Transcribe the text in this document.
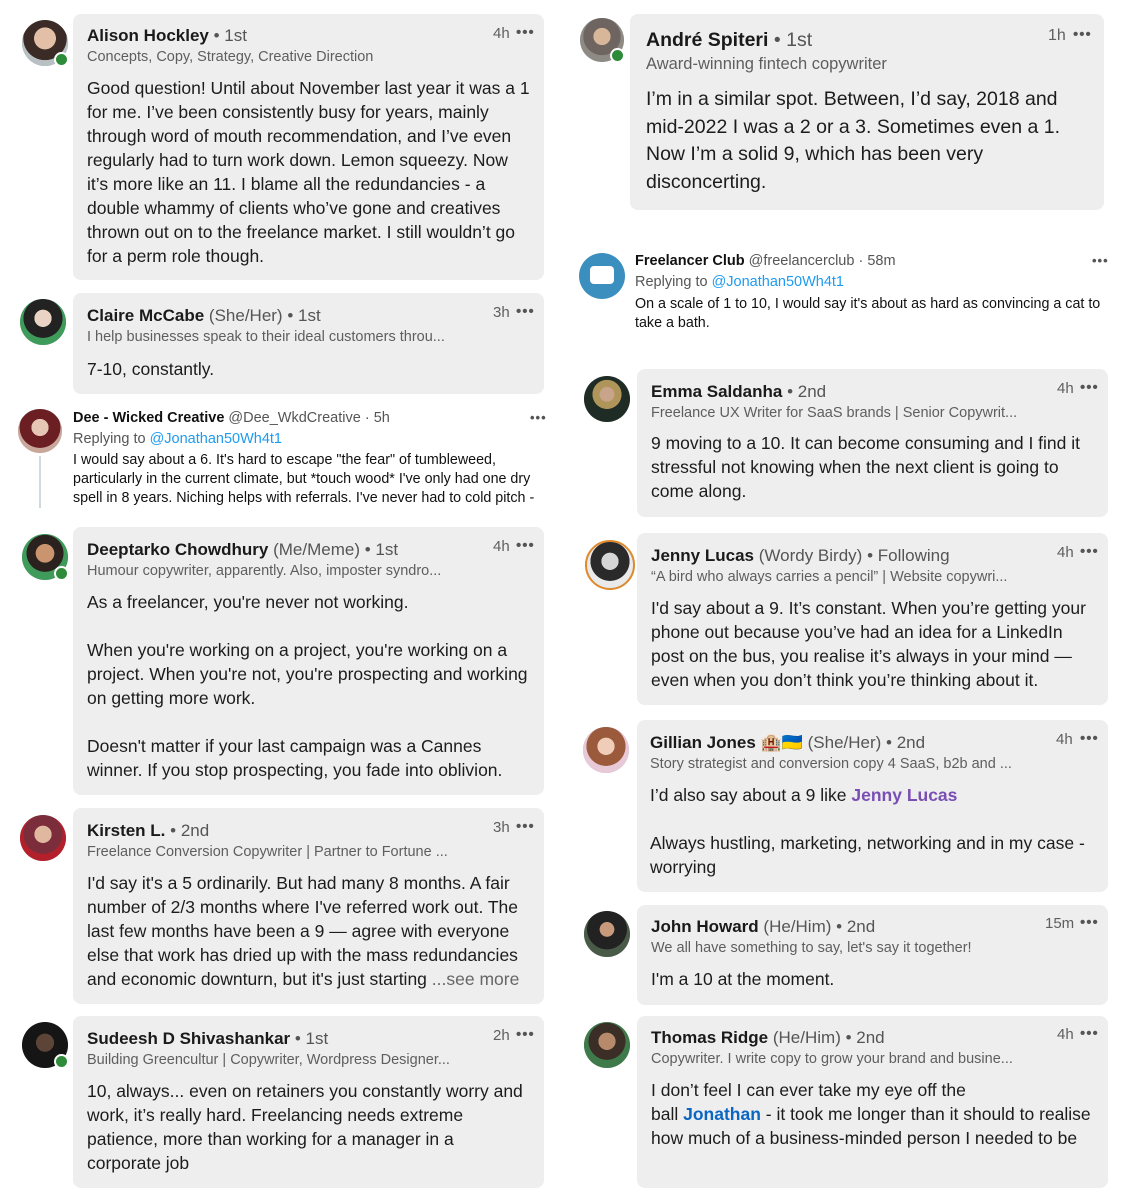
Alison Hockley • 1st
Concepts, Copy, Strategy, Creative Direction
4h •••
Good question! Until about November last year it was a 1 for me. I’ve been consistently busy for years, mainly through word of mouth recommendation, and I’ve even regularly had to turn work down. Lemon squeezy. Now it’s more like an 11. I blame all the redundancies - a double whammy of clients who’ve gone and creatives thrown out on to the freelance market. I still wouldn’t go for a perm role though.
Claire McCabe (She/Her) • 1st
I help businesses speak to their ideal customers throu...
3h •••
7-10, constantly.
Dee - Wicked Creative @Dee_WkdCreative · 5h	•••
Replying to @Jonathan50Wh4t1
I would say about a 6. It's hard to escape "the fear" of tumbleweed, particularly in the current climate, but *touch wood* I've only had one dry spell in 8 years. Niching helps with referrals. I've never had to cold pitch -
Deeptarko Chowdhury (Me/Meme) • 1st
Humour copywriter, apparently. Also, imposter syndro...
4h •••
As a freelancer, you're never not working.

When you're working on a project, you're working on a project. When you're not, you're prospecting and working on getting more work.

Doesn't matter if your last campaign was a Cannes winner. If you stop prospecting, you fade into oblivion.
Kirsten L. • 2nd
Freelance Conversion Copywriter | Partner to Fortune ...
3h •••
I'd say it's a 5 ordinarily. But had many 8 months. A fair number of 2/3 months where I've referred work out. The last few months have been a 9 — agree with everyone else that work has dried up with the mass redundancies and economic downturn, but it's just starting ...see more
Sudeesh D Shivashankar • 1st
Building Greencultur | Copywriter, Wordpress Designer...
2h •••
10, always... even on retainers you constantly worry and work, it’s really hard. Freelancing needs extreme patience, more than working for a manager in a corporate job
André Spiteri • 1st
Award-winning fintech copywriter
1h •••
I’m in a similar spot. Between, I’d say, 2018 and mid-2022 I was a 2 or a 3. Sometimes even a 1. Now I’m a solid 9, which has been very disconcerting.
Freelancer Club @freelancerclub · 58m	•••
Replying to @Jonathan50Wh4t1
On a scale of 1 to 10, I would say it's about as hard as convincing a cat to take a bath.
Emma Saldanha • 2nd
Freelance UX Writer for SaaS brands | Senior Copywrit...
4h •••
9 moving to a 10. It can become consuming and I find it stressful not knowing when the next client is going to come along.
Jenny Lucas (Wordy Birdy) • Following
“A bird who always carries a pencil” | Website copywri...
4h •••
I'd say about a 9. It’s constant. When you’re getting your phone out because you’ve had an idea for a LinkedIn post on the bus, you realise it’s always in your mind — even when you don’t think you’re thinking about it.
Gillian Jones 🏨🇺🇦 (She/Her) • 2nd
Story strategist and conversion copy 4 SaaS, b2b and ...
4h •••
I’d also say about a 9 like Jenny Lucas

Always hustling, marketing, networking and in my case - worrying
John Howard (He/Him) • 2nd
We all have something to say, let's say it together!
15m •••
I'm a 10 at the moment.
Thomas Ridge (He/Him) • 2nd
Copywriter. I write copy to grow your brand and busine...
4h •••
I don’t feel I can ever take my eye off the
ball Jonathan - it took me longer than it should to realise how much of a business-minded person I needed to be
